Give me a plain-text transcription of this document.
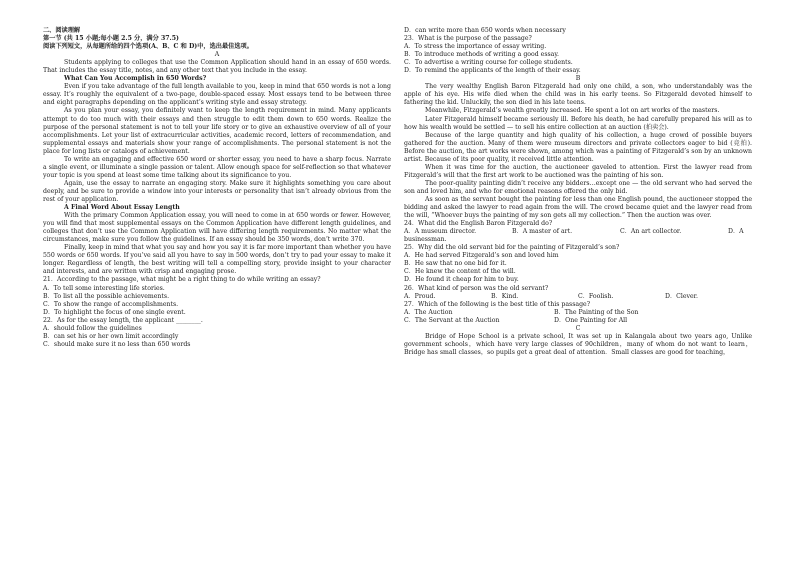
二、阅读理解

第一节 (共 15 小题;每小题 2.5 分，满分 37.5)

阅读下列短文，从每题所给的四个选项(A、B、C 和 D)中，选出最佳选项。

A

Students applying to colleges that use the Common Application should hand in an essay of 650 words. That includes the essay title, notes, and any other text that you include in the essay.

What Can You Accomplish in 650 Words?

Even if you take advantage of the full length available to you, keep in mind that 650 words is not a long essay. It’s roughly the equivalent of a two-page, double-spaced essay. Most essays tend to be between three and eight paragraphs depending on the applicant’s writing style and essay strategy.

As you plan your essay, you definitely want to keep the length requirement in mind. Many applicants attempt to do too much with their essays and then struggle to edit them down to 650 words. Realize the purpose of the personal statement is not to tell your life story or to give an exhaustive overview of all of your accomplishments. Let your list of extracurricular activities, academic record, letters of recommendation, and supplemental essays and materials show your range of accomplishments. The personal statement is not the place for long lists or catalogs of achievement.

To write an engaging and effective 650 word or shorter essay, you need to have a sharp focus. Narrate a single event, or illuminate a single passion or talent. Allow enough space for self-reflection so that whatever your topic is you spend at least some time talking about its significance to you.

Again, use the essay to narrate an engaging story. Make sure it highlights something you care about deeply, and be sure to provide a window into your interests or personality that isn’t already obvious from the rest of your application.

A Final Word About Essay Length

With the primary Common Application essay, you will need to come in at 650 words or fewer. However, you will find that most supplemental essays on the Common Application have different length guidelines, and colleges that don’t use the Common Application will have differing length requirements. No matter what the circumstances, make sure you follow the guidelines. If an essay should be 350 words, don’t write 370.

Finally, keep in mind that what you say and how you say it is far more important than whether you have 550 words or 650 words. If you’ve said all you have to say in 500 words, don’t try to pad your essay to make it longer. Regardless of length, the best writing will tell a compelling story, provide insight to your character and interests, and are written with crisp and engaging prose.

21．According to the passage, what might be a right thing to do while writing an essay?

A．To tell some interesting life stories.

B．To list all the possible achievements.

C．To show the range of accomplishments.

D．To highlight the focus of one single event.

22．As for the essay length, the applicant ________.

A．should follow the guidelines

B．can set his or her own limit accordingly

C．should make sure it no less than 650 words

D．can write more than 650 words when necessary

23．What is the purpose of the passage?

A．To stress the importance of essay writing.

B．To introduce methods of writing a good essay.

C．To advertise a writing course for college students.

D．To remind the applicants of the length of their essay.

B

The very wealthy English Baron Fitzgerald had only one child, a son, who understandably was the apple of his eye. His wife died when the child was in his early teens. So Fitzgerald devoted himself to fathering the kid. Unluckily, the son died in his late teens.

Meanwhile, Fitzgerald’s wealth greatly increased. He spent a lot on art works of the masters.

Later Fitzgerald himself became seriously ill. Before his death, he had carefully prepared his will as to how his wealth would be settled — to sell his entire collection at an auction (拍卖会).

Because of the large quantity and high quality of his collection, a huge crowd of possible buyers gathered for the auction. Many of them were museum directors and private collectors eager to bid (竞拍). Before the auction, the art works were shown, among which was a painting of Fitzgerald’s son by an unknown artist. Because of its poor quality, it received little attention.

When it was time for the auction, the auctioneer gaveled to attention. First the lawyer read from Fitzgerald’s will that the first art work to be auctioned was the painting of his son.

The poor-quality painting didn’t receive any bidders…except one — the old servant who had served the son and loved him, and who for emotional reasons offered the only bid.

As soon as the servant bought the painting for less than one English pound, the auctioneer stopped the bidding and asked the lawyer to read again from the will. The crowd became quiet and the lawyer read from the will, “Whoever buys the painting of my son gets all my collection.” Then the auction was over.

24．What did the English Baron Fitzgerald do?

A．A museum director.	B．A master of art.	C．An art collector.	D．A

businessman.

25．Why did the old servant bid for the painting of Fitzgerald’s son?

A．He had served Fitzgerald’s son and loved him

B．He saw that no one bid for it.

C．He knew the content of the will.

D．He found it cheap for him to buy.

26．What kind of person was the old servant?

A．Proud.	B．Kind.	C．Foolish.	D．Clever.

27．Which of the following is the best title of this passage?

A．The Auction	B．The Painting of the Son
C．The Servant at the Auction	D．One Painting for All

C

Bridge of Hope School is a private school, It was set up in Kalangala about two years ago, Unlike government schools，which have very large classes of 90children，many of whom do not want to learn，Bridge has small classes，so pupils get a great deal of attention．Small classes are good for teaching，
